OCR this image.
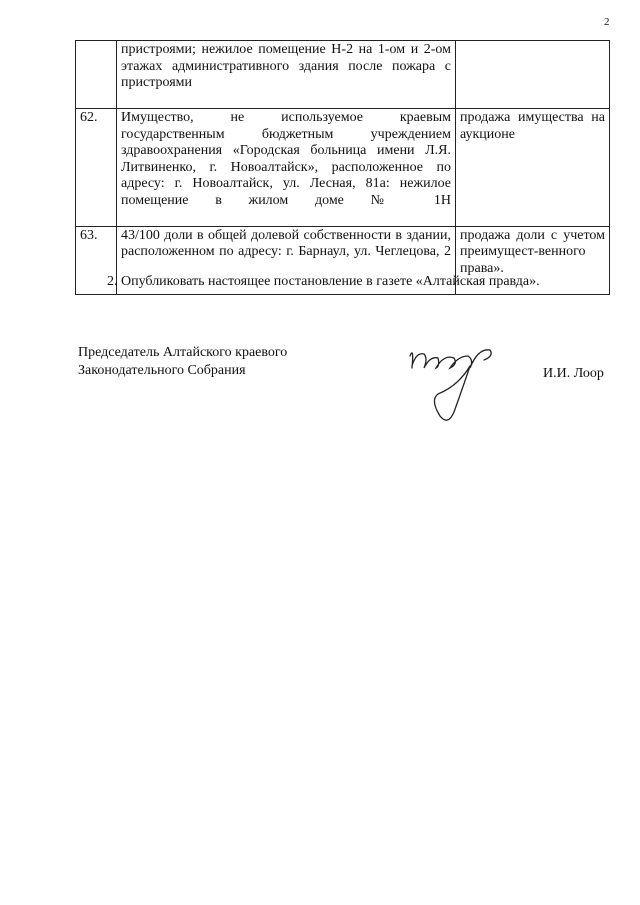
2

	пристроями; нежилое помещение Н-2 на 1-ом и 2-ом этажах административного здания после пожара с пристроями	

62.	Имущество, не используемое краевым государственным бюджетным учреждением здравоохранения «Городская больница имени Л.Я. Литвиненко, г. Новоалтайск», расположенное по адресу: г. Новоалтайск, ул. Лесная, 81а: нежилое помещение в жилом доме № 1Н	продажа имущества на аукционе

63.	43/100 доли в общей долевой собственности в здании, расположенном по адресу: г. Барнаул, ул. Чеглецова, 2	продажа доли с учетом преимущест-венного права».

2. Опубликовать настоящее постановление в газете «Алтайская правда».

Председатель Алтайского краевого
Законодательного Собрания	И.И. Лоор
